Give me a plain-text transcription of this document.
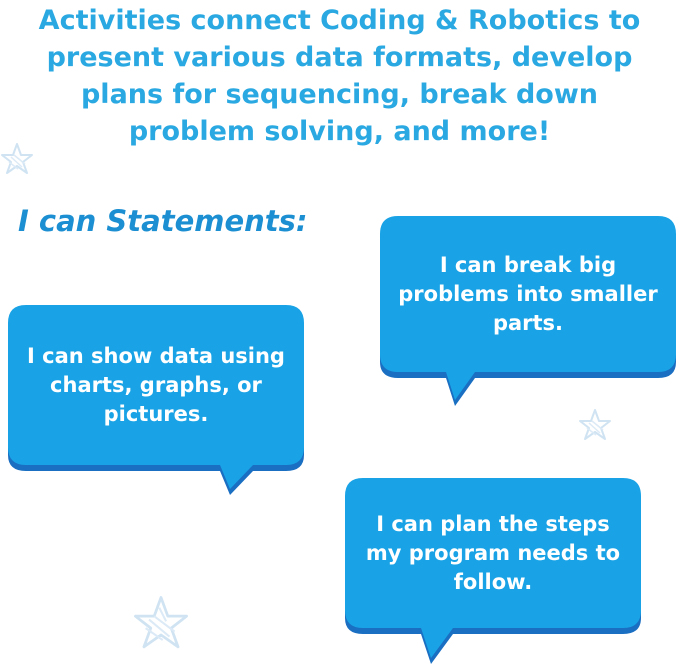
Activities connect Coding & Robotics to
present various data formats, develop
plans for sequencing, break down
problem solving, and more!
I can Statements:
I can show data using
charts, graphs, or
pictures.
I can break big
problems into smaller
parts.
I can plan the steps
my program needs to
follow.
